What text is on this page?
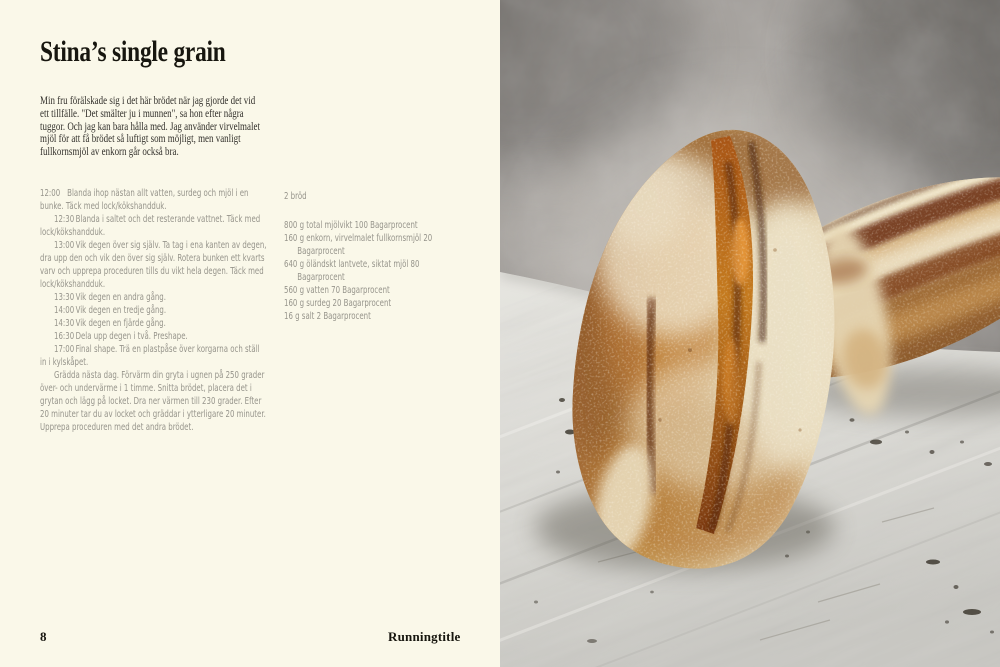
Stina’s single grain

Min fru förälskade sig i det här brödet när jag gjorde det vid ett tillfälle. "Det smälter ju i munnen", sa hon efter några tuggor. Och jag kan bara hålla med. Jag använder virvelmalet mjöl för att få brödet så luftigt som möjligt, men vanligt fullkornsmjöl av enkorn går också bra.

12:00 Blanda ihop nästan allt vatten, surdeg och mjöl i en bunke. Täck med lock/kökshandduk.

12:30Blanda i saltet och det resterande vattnet. Täck med lock/kökshandduk.

13:00Vik degen över sig själv. Ta tag i ena kanten av degen, dra upp den och vik den över sig själv. Rotera bunken ett kvarts varv och upprepa proceduren tills du vikt hela degen. Täck med lock/kökshandduk.

13:30Vik degen en andra gång.

14:00Vik degen en tredje gång.

14:30Vik degen en fjärde gång.

16:30Dela upp degen i två. Preshape.

17:00Final shape. Trä en plastpåse över korgarna och ställ in i kylskåpet.

Grädda nästa dag. Förvärm din gryta i ugnen på 250 grader över- och undervärme i 1 timme. Snitta brödet, placera det i grytan och lägg på locket. Dra ner värmen till 230 grader. Efter 20 minuter tar du av locket och gräddar i ytterligare 20 minuter. Upprepa proceduren med det andra brödet.

2 bröd

800 g total mjölvikt 100 Bagarprocent

160 g enkorn, virvelmalet fullkornsmjöl 20 Bagarprocent

640 g öländskt lantvete, siktat mjöl 80 Bagarprocent

560 g vatten 70 Bagarprocent

160 g surdeg 20 Bagarprocent

16 g salt 2 Bagarprocent

8	Runningtitle
